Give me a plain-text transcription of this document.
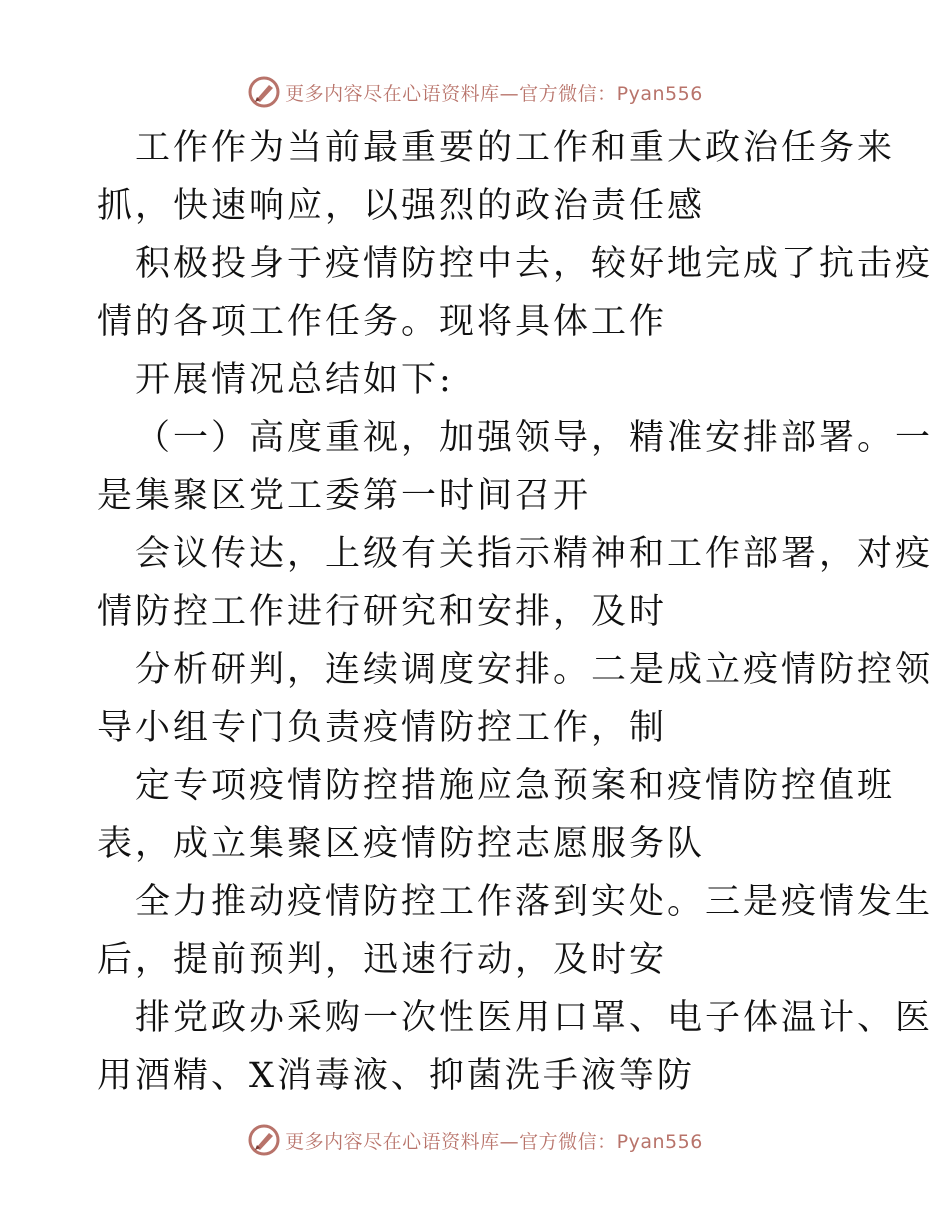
更多内容尽在心语资料库—官方微信：Pyan556
工作作为当前最重要的工作和重大政治任务来
抓，快速响应，以强烈的政治责任感
积极投身于疫情防控中去，较好地完成了抗击疫
情的各项工作任务。现将具体工作
开展情况总结如下:
（一）高度重视，加强领导，精准安排部署。一
是集聚区党工委第一时间召开
会议传达，上级有关指示精神和工作部署，对疫
情防控工作进行研究和安排，及时
分析研判，连续调度安排。二是成立疫情防控领
导小组专门负责疫情防控工作，制
定专项疫情防控措施应急预案和疫情防控值班
表，成立集聚区疫情防控志愿服务队
全力推动疫情防控工作落到实处。三是疫情发生
后，提前预判，迅速行动，及时安
排党政办采购一次性医用口罩、电子体温计、医
用酒精、X消毒液、抑菌洗手液等防
更多内容尽在心语资料库—官方微信：Pyan556
